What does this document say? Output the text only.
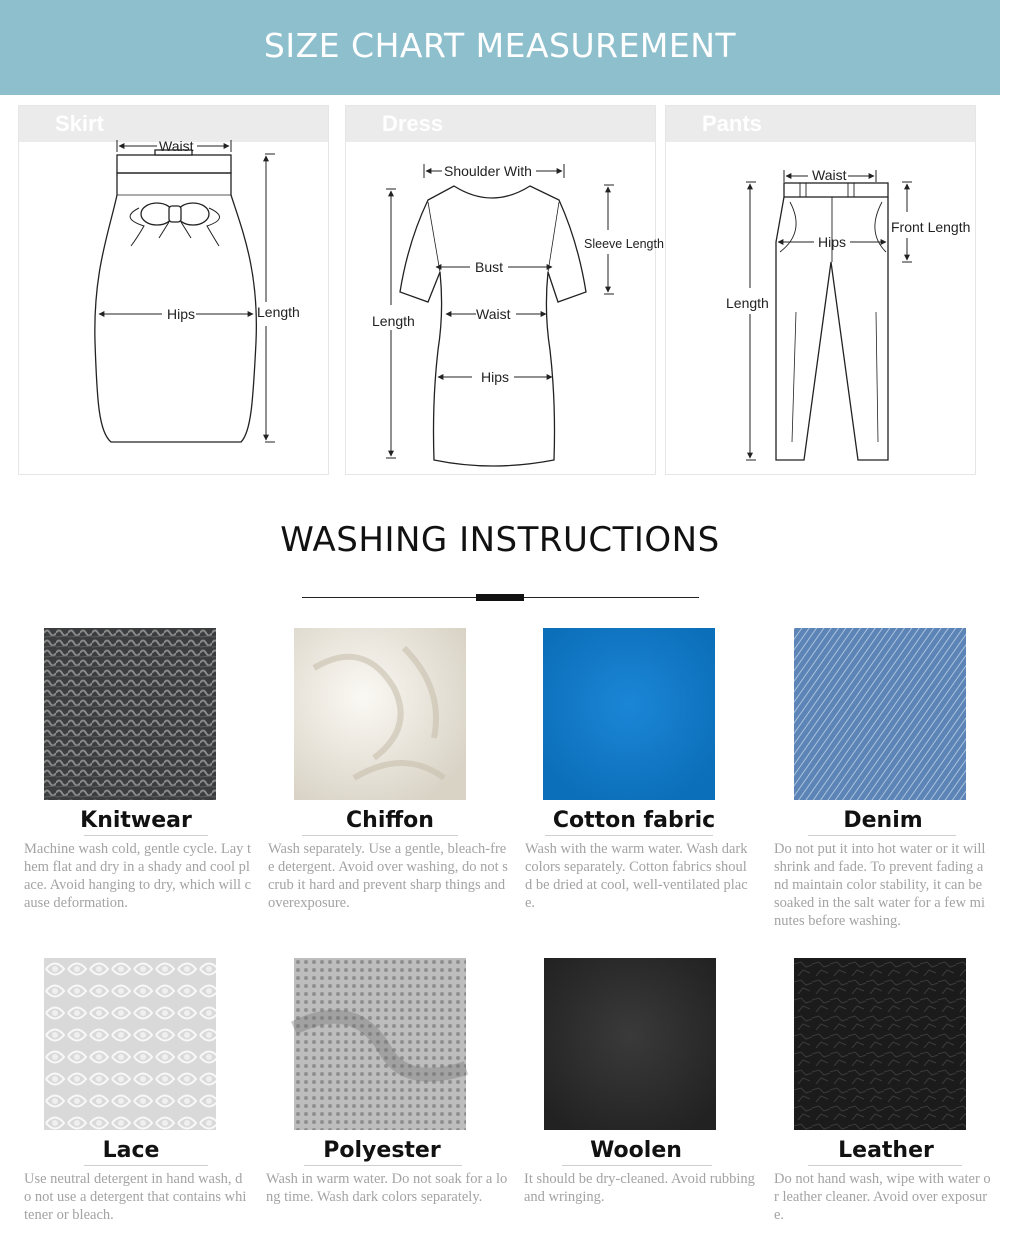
SIZE CHART MEASUREMENT
Skirt
Waist
Hips	Length
Dress
Shoulder With
Sleeve Length
Bust
Waist
Hips
Length
Pants
Waist
Hips
Front Length
Length
WASHING INSTRUCTIONS
Knitwear
Machine wash cold, gentle cycle. Lay them flat and dry in a shady and cool place. Avoid hanging to dry, which will cause deformation.
Chiffon
Wash separately. Use a gentle, bleach-free detergent. Avoid over washing, do not scrub it hard and prevent sharp things and overexposure.
Cotton fabric
Wash with the warm water. Wash dark colors separately. Cotton fabrics should be dried at cool, well-ventilated place.
Denim
Do not put it into hot water or it will shrink and fade. To prevent fading and maintain color stability, it can be soaked in the salt water for a few minutes before washing.
Lace
Use neutral detergent in hand wash, do not use a detergent that contains whitener or bleach.
Polyester
Wash in warm water. Do not soak for a long time. Wash dark colors separately.
Woolen
It should be dry-cleaned. Avoid rubbing and wringing.
Leather
Do not hand wash, wipe with water or leather cleaner. Avoid over exposure.
